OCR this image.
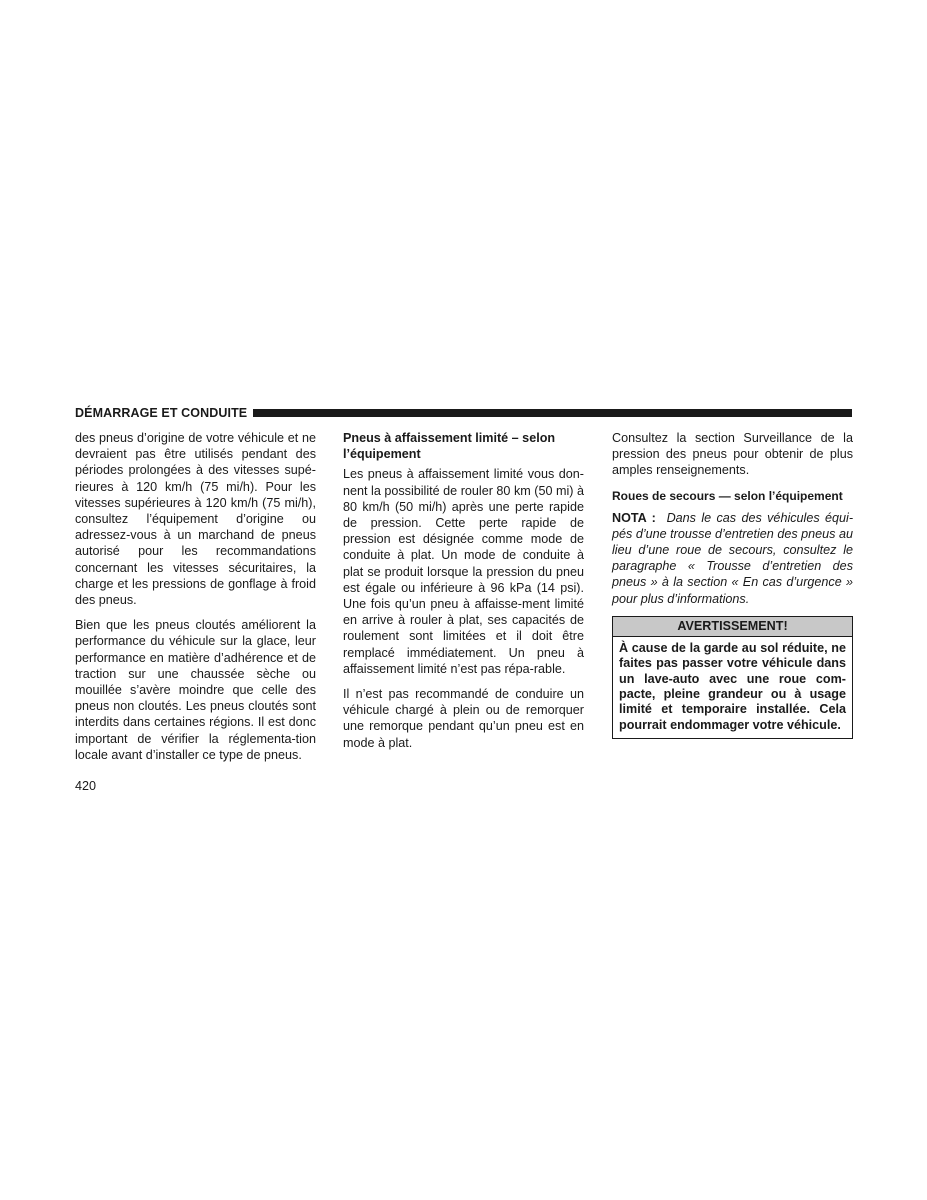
DÉMARRAGE ET CONDUITE

des pneus d’origine de votre véhicule et ne devraient pas être utilisés pendant des périodes prolongées à des vitesses supé-rieures à 120 km/h (75 mi/h). Pour les vitesses supérieures à 120 km/h (75 mi/h), consultez l’équipement d’origine ou adressez-vous à un marchand de pneus autorisé pour les recommandations concernant les vitesses sécuritaires, la charge et les pressions de gonflage à froid des pneus.

Bien que les pneus cloutés améliorent la performance du véhicule sur la glace, leur performance en matière d’adhérence et de traction sur une chaussée sèche ou mouillée s’avère moindre que celle des pneus non cloutés. Les pneus cloutés sont interdits dans certaines régions. Il est donc important de vérifier la réglementa-tion locale avant d’installer ce type de pneus.

Pneus à affaissement limité – selon l’équipement

Les pneus à affaissement limité vous don-nent la possibilité de rouler 80 km (50 mi) à 80 km/h (50 mi/h) après une perte rapide de pression. Cette perte rapide de pression est désignée comme mode de conduite à plat. Un mode de conduite à plat se produit lorsque la pression du pneu est égale ou inférieure à 96 kPa (14 psi). Une fois qu’un pneu à affaisse-ment limité en arrive à rouler à plat, ses capacités de roulement sont limitées et il doit être remplacé immédiatement. Un pneu à affaissement limité n’est pas répa-rable.

Il n’est pas recommandé de conduire un véhicule chargé à plein ou de remorquer une remorque pendant qu’un pneu est en mode à plat.

Consultez la section Surveillance de la pression des pneus pour obtenir de plus amples renseignements.

Roues de secours — selon l’équipement

NOTA : Dans le cas des véhicules équi-pés d’une trousse d’entretien des pneus au lieu d’une roue de secours, consultez le paragraphe « Trousse d’entretien des pneus » à la section « En cas d’urgence » pour plus d’informations.

AVERTISSEMENT!
À cause de la garde au sol réduite, ne faites pas passer votre véhicule dans un lave-auto avec une roue com-pacte, pleine grandeur ou à usage limité et temporaire installée. Cela pourrait endommager votre véhicule.
420
